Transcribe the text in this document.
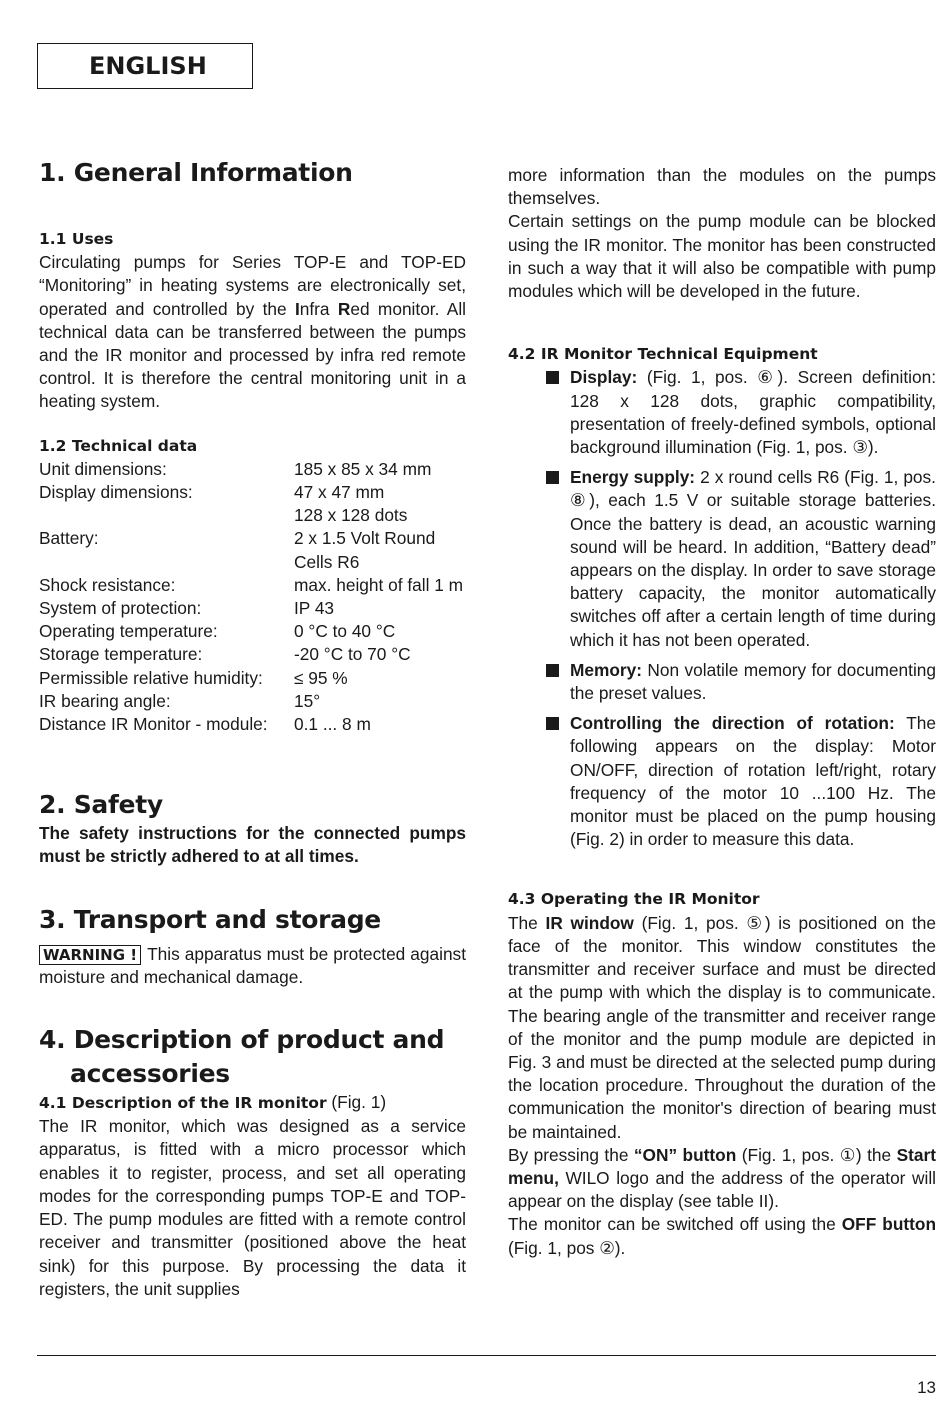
ENGLISH

1. General Information

1.1 Uses

Circulating pumps for Series TOP-E and TOP-ED “Monitoring” in heating systems are electronically set, operated and controlled by the Infra Red monitor. All technical data can be transferred between the pumps and the IR monitor and processed by infra red remote control. It is therefore the central monitoring unit in a heating system.

1.2 Technical data

Unit dimensions:	185 x 85 x 34 mm
Display dimensions:	47 x 47 mm
128 x 128 dots
Battery:	2 x 1.5 Volt Round
Cells R6
Shock resistance:	max. height of fall 1 m
System of protection:	IP 43
Operating temperature:	0 °C to 40 °C
Storage temperature:	-20 °C to 70 °C
Permissible relative humidity:	≤ 95 %
IR bearing angle:	15°
Distance IR Monitor - module:	0.1 ... 8 m

2. Safety

The safety instructions for the connected pumps must be strictly adhered to at all times.

3. Transport and storage

WARNING ! This apparatus must be protected against moisture and mechanical damage.

4. Description of product and
accessories

4.1 Description of the IR monitor (Fig. 1)

The IR monitor, which was designed as a service apparatus, is fitted with a micro processor which enables it to register, process, and set all operating modes for the corresponding pumps TOP-E and TOP-ED. The pump modules are fitted with a remote control receiver and transmitter (positioned above the heat sink) for this purpose. By processing the data it registers, the unit supplies

more information than the modules on the pumps themselves.

Certain settings on the pump module can be blocked using the IR monitor. The monitor has been constructed in such a way that it will also be compatible with pump modules which will be developed in the future.

4.2 IR Monitor Technical Equipment

Display: (Fig. 1, pos. ⑥). Screen definition: 128 x 128 dots, graphic compatibility, presentation of freely-defined symbols, optional background illumination (Fig. 1, pos. ③).
Energy supply: 2 x round cells R6 (Fig. 1, pos. ⑧), each 1.5 V or suitable storage batteries. Once the battery is dead, an acoustic warning sound will be heard. In addition, “Battery dead” appears on the display. In order to save storage battery capacity, the monitor automatically switches off after a certain length of time during which it has not been operated.
Memory: Non volatile memory for documenting the preset values.
Controlling the direction of rotation: The following appears on the display: Motor ON/OFF, direction of rotation left/right, rotary frequency of the motor 10 ...100 Hz. The monitor must be placed on the pump housing (Fig. 2) in order to measure this data.

4.3 Operating the IR Monitor

The IR window (Fig. 1, pos. ⑤) is positioned on the face of the monitor. This window constitutes the transmitter and receiver surface and must be directed at the pump with which the display is to communicate. The bearing angle of the transmitter and receiver range of the monitor and the pump module are depicted in Fig. 3 and must be directed at the selected pump during the location procedure. Throughout the duration of the communication the monitor's direction of bearing must be maintained.

By pressing the “ON” button (Fig. 1, pos. ①) the Start menu, WILO logo and the address of the operator will appear on the display (see table II).

The monitor can be switched off using the OFF button (Fig. 1, pos ②).

13
